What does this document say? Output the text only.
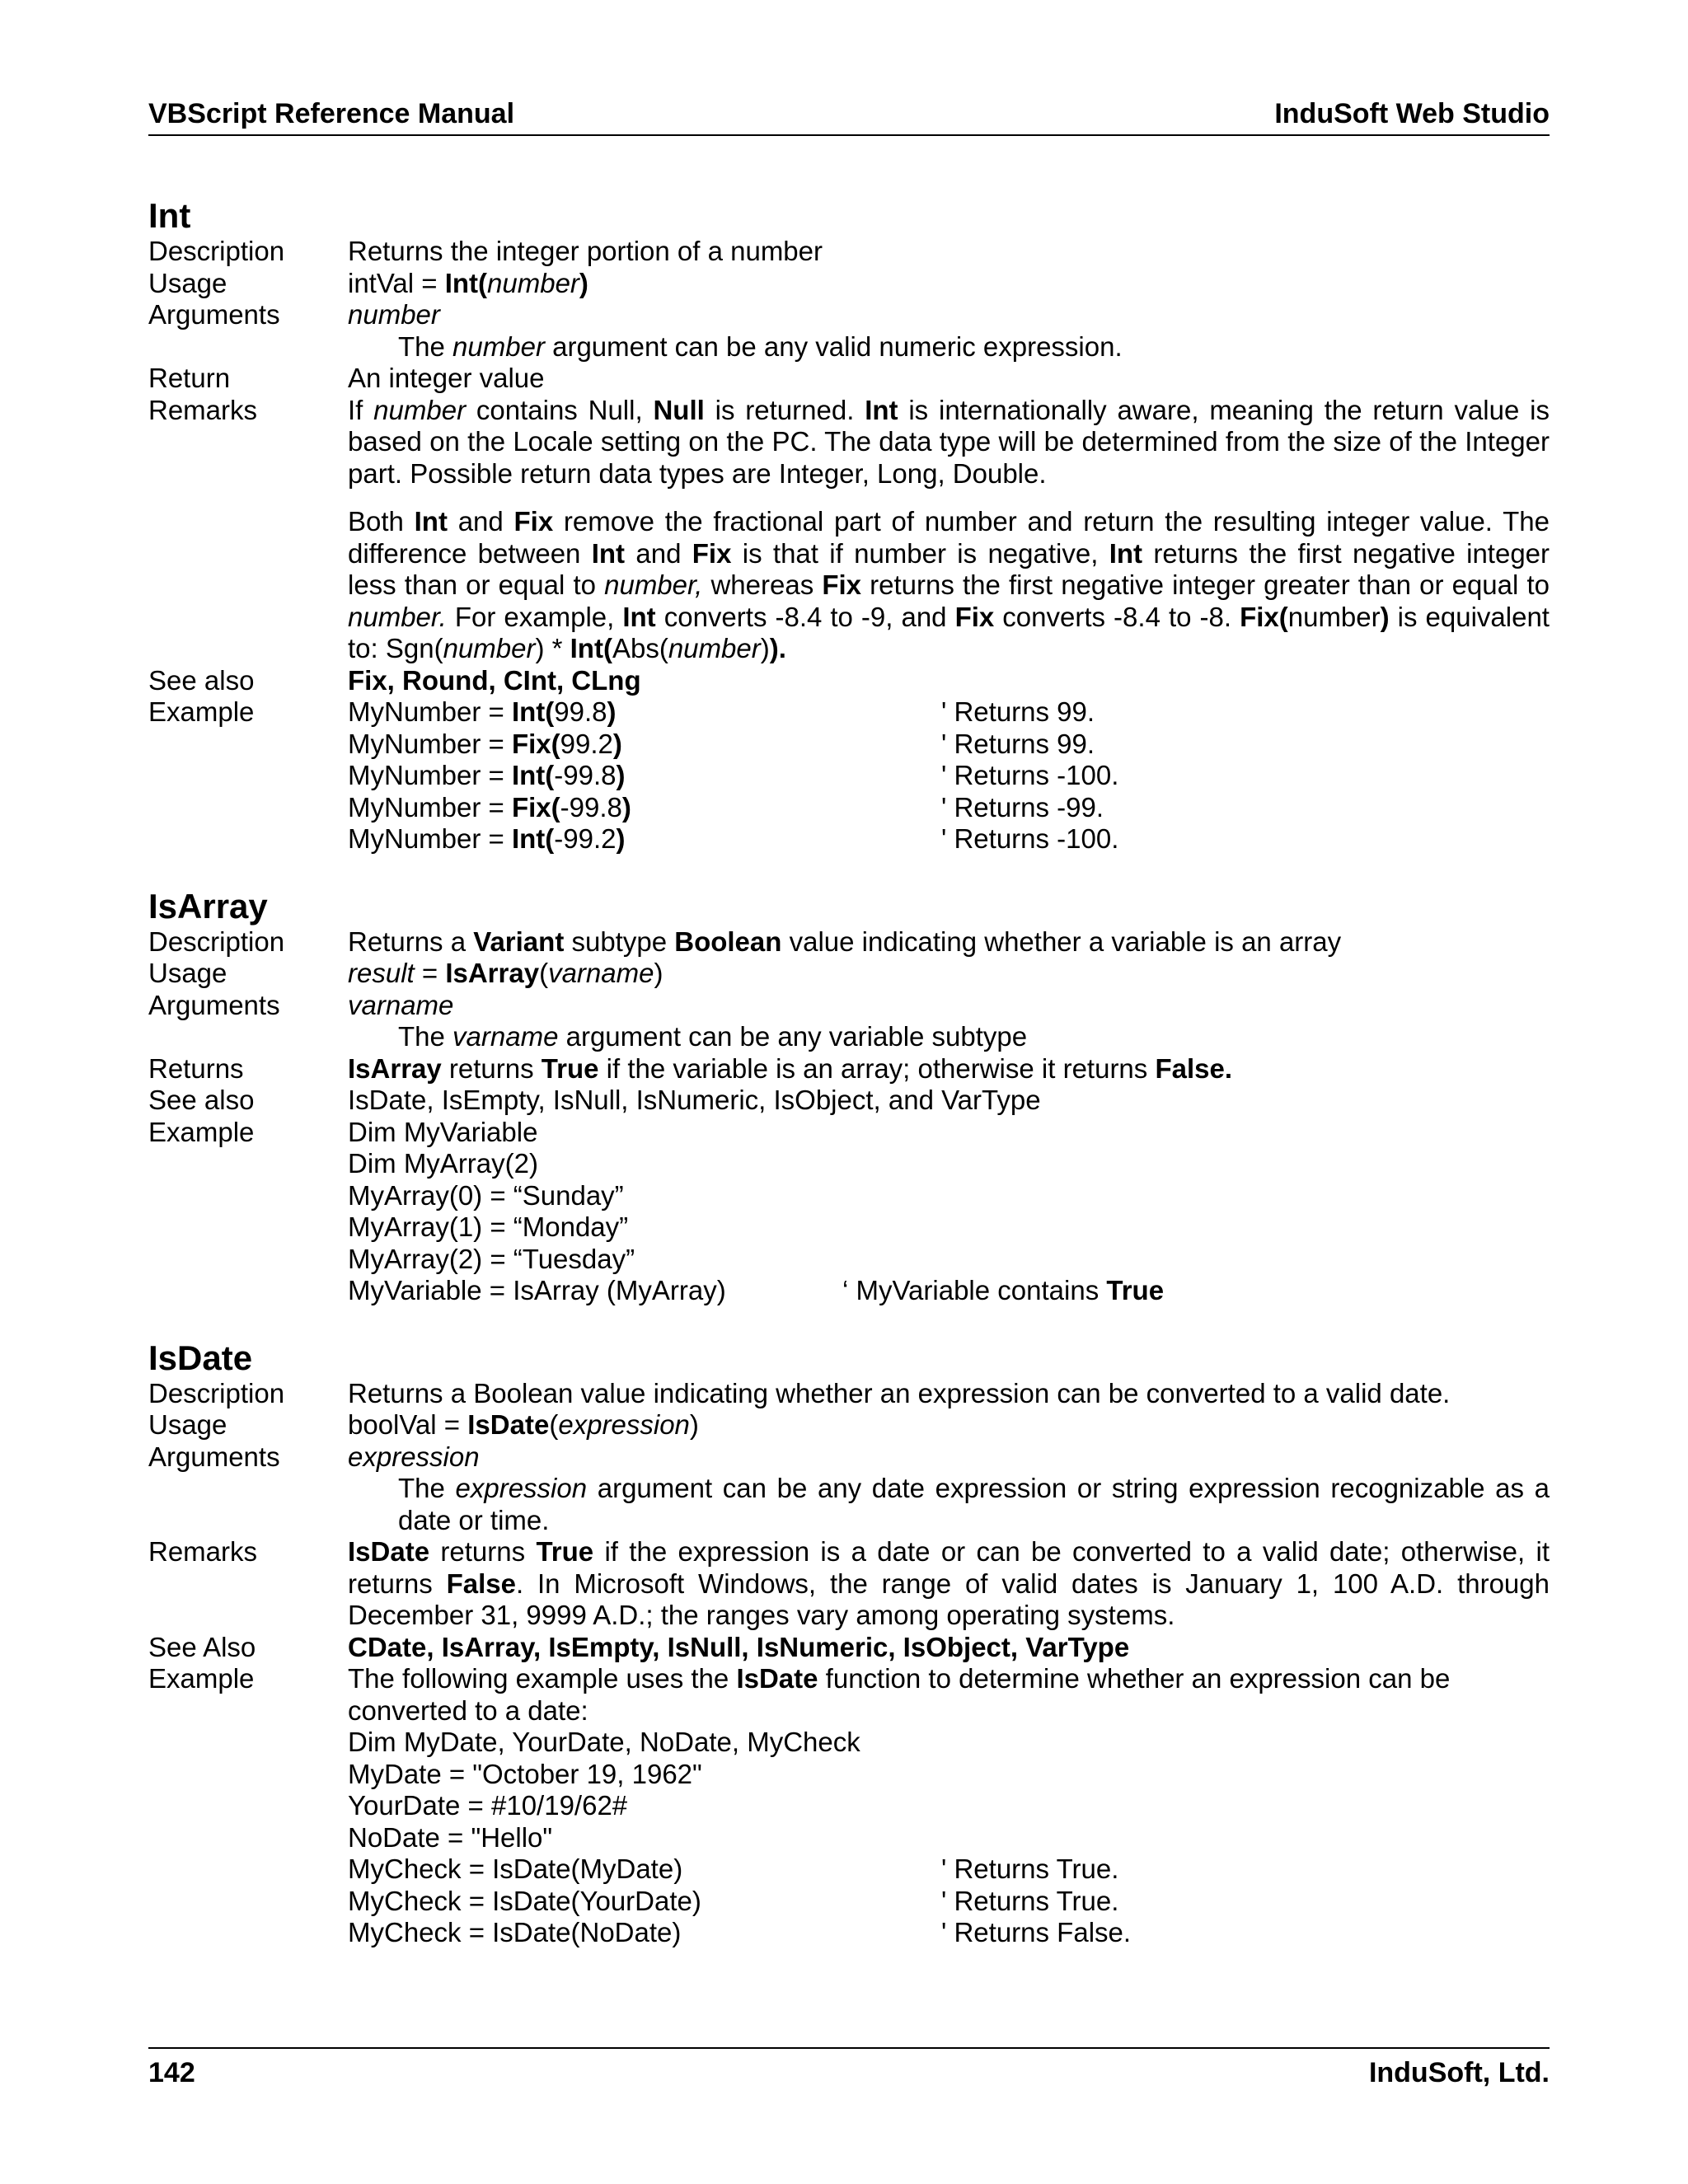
VBScript Reference Manual	InduSoft Web Studio
Int
Description	Returns the integer portion of a number
Usage	intVal = Int(number)
Arguments	number
The number argument can be any valid numeric expression.
Return	An integer value
Remarks	If number contains Null, Null is returned. Int is internationally aware, meaning the return value is based on the Locale setting on the PC. The data type will be determined from the size of the Integer part. Possible return data types are Integer, Long, Double.
Both Int and Fix remove the fractional part of number and return the resulting integer value. The difference between Int and Fix is that if number is negative, Int returns the first negative integer less than or equal to number, whereas Fix returns the first negative integer greater than or equal to number. For example, Int converts -8.4 to -9, and Fix converts -8.4 to -8. Fix(number) is equivalent to: Sgn(number) * Int(Abs(number)).
See also	Fix, Round, CInt, CLng
Example	MyNumber = Int(99.8)	' Returns 99.
MyNumber = Fix(99.2)	' Returns 99.
MyNumber = Int(-99.8)	' Returns -100.
MyNumber = Fix(-99.8)	' Returns -99.
MyNumber = Int(-99.2)	' Returns -100.
IsArray
Description	Returns a Variant subtype Boolean value indicating whether a variable is an array
Usage	result = IsArray(varname)
Arguments	varname
The varname argument can be any variable subtype
Returns	IsArray returns True if the variable is an array; otherwise it returns False.
See also	IsDate, IsEmpty, IsNull, IsNumeric, IsObject, and VarType
Example	Dim MyVariable
Dim MyArray(2)
MyArray(0) = “Sunday”
MyArray(1) = “Monday”
MyArray(2) = “Tuesday”
MyVariable = IsArray (MyArray)	‘ MyVariable contains True
IsDate
Description	Returns a Boolean value indicating whether an expression can be converted to a valid date.
Usage	boolVal = IsDate(expression)
Arguments	expression
The expression argument can be any date expression or string expression recognizable as a date or time.
Remarks	IsDate returns True if the expression is a date or can be converted to a valid date; otherwise, it returns False. In Microsoft Windows, the range of valid dates is January 1, 100 A.D. through December 31, 9999 A.D.; the ranges vary among operating systems.
See Also	CDate, IsArray, IsEmpty, IsNull, IsNumeric, IsObject, VarType
Example	The following example uses the IsDate function to determine whether an expression can be converted to a date:
Dim MyDate, YourDate, NoDate, MyCheck
MyDate = "October 19, 1962"
YourDate = #10/19/62#
NoDate = "Hello"
MyCheck = IsDate(MyDate)	' Returns True.
MyCheck = IsDate(YourDate)	' Returns True.
MyCheck = IsDate(NoDate)	' Returns False.
142	InduSoft, Ltd.
